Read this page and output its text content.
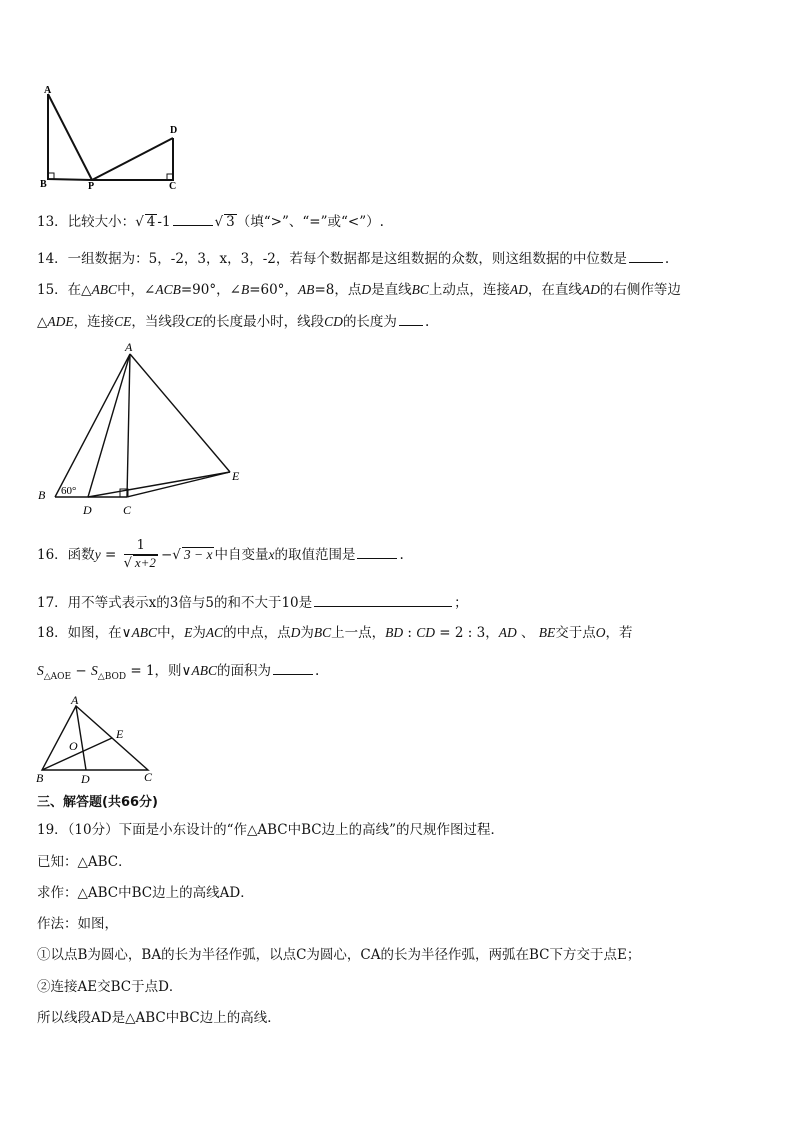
A
B	P	C
D
13．比较大小：√ 4 -1	√ 3 （填“>”、“=”或“<”）.
14．一组数据为：5，-2，3，x，3，-2，若每个数据都是这组数据的众数，则这组数据的中位数是	.
15．在△ABC中，∠ACB=90°，∠B=60°，AB=8，点D是直线BC上动点，连接AD，在直线AD的右侧作等边
△ADE，连接CE，当线段CE的长度最小时，线段CD的长度为 .
A
B 60°
D	C
E
16．函数$y = \frac{1}{√ x+2}$ −√ 3 − x 中自变量x的取值范围是	.
17．用不等式表示x的3倍与5的和不大于10是	；
18．如图，在∨ABC中，E为AC的中点，点D为BC上一点，BD : CD = 2 : 3，AD 、 BE交于点O，若
$S_{\triangle AOE} - S_{\triangle BOD} = 1$，则∨ABC的面积为	.
A
E
O
B	D	C
三、解答题(共66分)
19．（10分）下面是小东设计的“作△ABC中BC边上的高线”的尺规作图过程．
已知：△ABC．
求作：△ABC中BC边上的高线AD．
作法：如图，
①以点B为圆心，BA的长为半径作弧，以点C为圆心，CA的长为半径作弧，两弧在BC下方交于点E；
②连接AE交BC于点D．
所以线段AD是△ABC中BC边上的高线．
